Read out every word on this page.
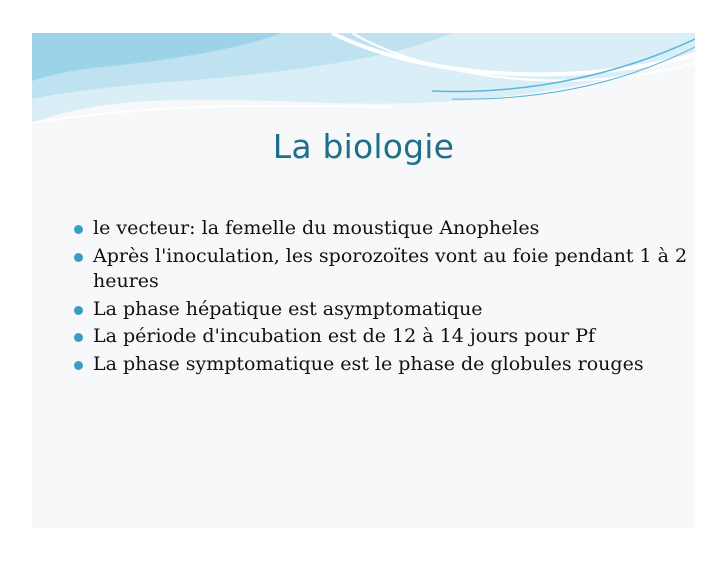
La biologie
le vecteur: la femelle du moustique Anopheles
Après l'inoculation, les sporozoïtes vont au foie pendant 1 à 2 heures
La phase hépatique est asymptomatique
La période d'incubation est de 12 à 14 jours pour Pf
La phase symptomatique est le phase de globules rouges
